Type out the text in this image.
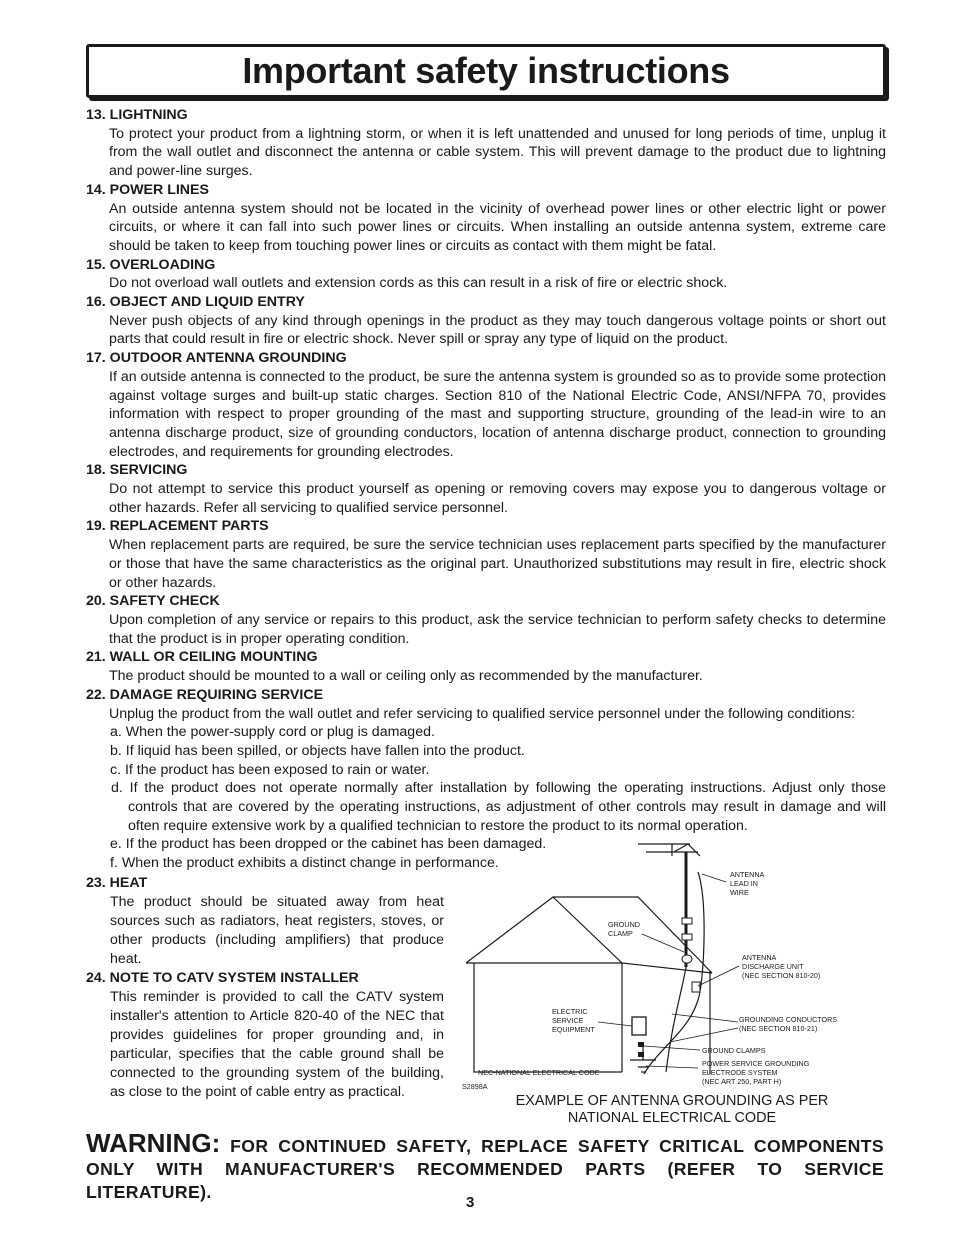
Important safety instructions
13. LIGHTNING

To protect your product from a lightning storm, or when it is left unattended and unused for long periods of time, unplug it from the wall outlet and disconnect the antenna or cable system. This will prevent damage to the product due to lightning and power-line surges.

14. POWER LINES

An outside antenna system should not be located in the vicinity of overhead power lines or other electric light or power circuits, or where it can fall into such power lines or circuits. When installing an outside antenna system, extreme care should be taken to keep from touching power lines or circuits as contact with them might be fatal.

15. OVERLOADING

Do not overload wall outlets and extension cords as this can result in a risk of fire or electric shock.

16. OBJECT AND LIQUID ENTRY

Never push objects of any kind through openings in the product as they may touch dangerous voltage points or short out parts that could result in fire or electric shock. Never spill or spray any type of liquid on the product.

17. OUTDOOR ANTENNA GROUNDING

If an outside antenna is connected to the product, be sure the antenna system is grounded so as to provide some protection against voltage surges and built-up static charges. Section 810 of the National Electric Code, ANSI/NFPA 70, provides information with respect to proper grounding of the mast and supporting structure, grounding of the lead-in wire to an antenna discharge product, size of grounding conductors, location of antenna discharge product, connection to grounding electrodes, and requirements for grounding electrodes.

18. SERVICING

Do not attempt to service this product yourself as opening or removing covers may expose you to dangerous voltage or other hazards. Refer all servicing to qualified service personnel.

19. REPLACEMENT PARTS

When replacement parts are required, be sure the service technician uses replacement parts specified by the manufacturer or those that have the same characteristics as the original part. Unauthorized substitutions may result in fire, electric shock or other hazards.

20. SAFETY CHECK

Upon completion of any service or repairs to this product, ask the service technician to perform safety checks to determine that the product is in proper operating condition.

21. WALL OR CEILING MOUNTING

The product should be mounted to a wall or ceiling only as recommended by the manufacturer.

22. DAMAGE REQUIRING SERVICE

Unplug the product from the wall outlet and refer servicing to qualified service personnel under the following conditions:

a. When the power-supply cord or plug is damaged.

b. If liquid has been spilled, or objects have fallen into the product.

c. If the product has been exposed to rain or water.

d. If the product does not operate normally after installation by following the operating instructions. Adjust only those controls that are covered by the operating instructions, as adjustment of other controls may result in damage and will often require extensive work by a qualified technician to restore the product to its normal operation.

e. If the product has been dropped or the cabinet has been damaged.

f. When the product exhibits a distinct change in performance.

23. HEAT

The product should be situated away from heat sources such as radiators, heat registers, stoves, or other products (including amplifiers) that produce heat.

24. NOTE TO CATV SYSTEM INSTALLER

This reminder is provided to call the CATV system installer's attention to Article 820-40 of the NEC that provides guidelines for proper grounding and, in particular, specifies that the cable ground shall be connected to the grounding system of the building, as close to the point of cable entry as practical.

ANTENNA
LEAD IN
WIRE
GROUND
CLAMP
ANTENNA
DISCHARGE UNIT
(NEC SECTION 810-20)
ELECTRIC
SERVICE
EQUIPMENT
GROUNDING CONDUCTORS
(NEC SECTION 810-21)
GROUND CLAMPS
POWER SERVICE GROUNDING
ELECTRODE SYSTEM
(NEC ART 250, PART H)
NEC-NATIONAL ELECTRICAL CODE
S2898A
EXAMPLE OF ANTENNA GROUNDING AS PER
NATIONAL ELECTRICAL CODE
WARNING: FOR CONTINUED SAFETY, REPLACE SAFETY CRITICAL COMPONENTS ONLY WITH MANUFACTURER'S RECOMMENDED PARTS (REFER TO SERVICE LITERATURE).
3
